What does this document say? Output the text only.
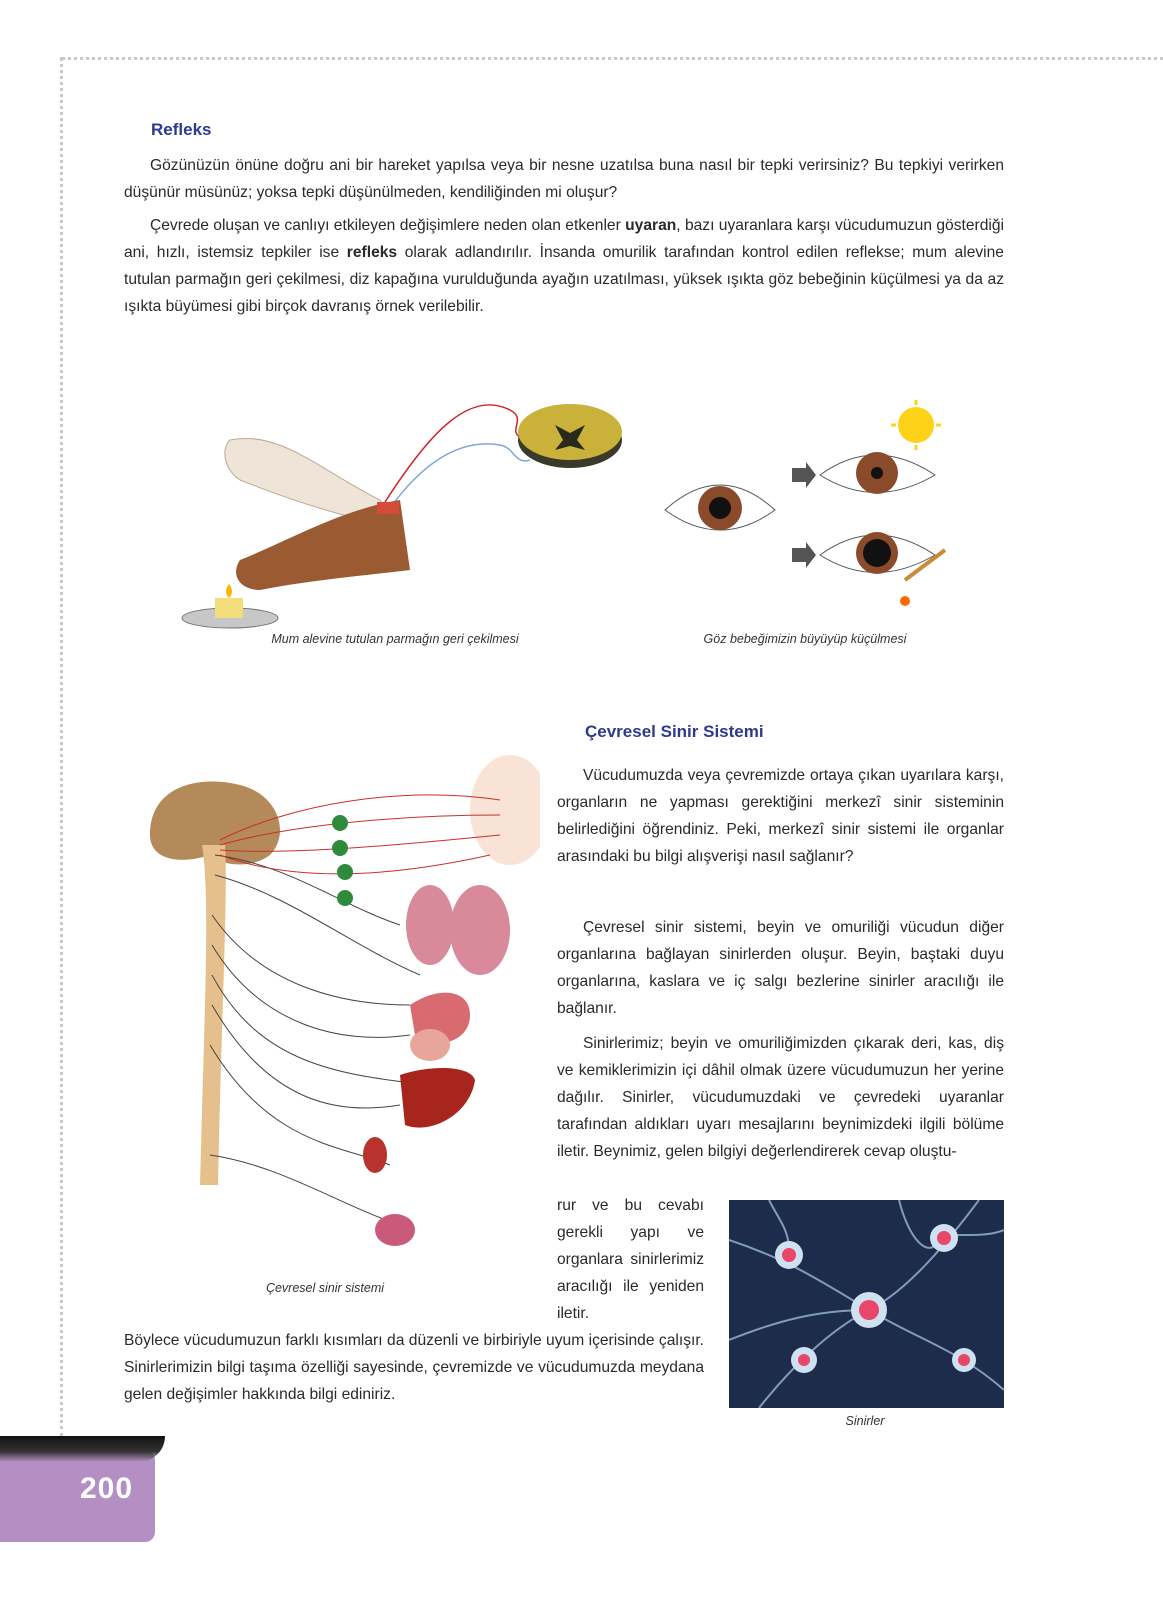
Refleks

Gözünüzün önüne doğru ani bir hareket yapılsa veya bir nesne uzatılsa buna nasıl bir tepki verirsiniz? Bu tepkiyi verirken düşünür müsünüz; yoksa tepki düşünülmeden, kendiliğinden mi oluşur?

Çevrede oluşan ve canlıyı etkileyen değişimlere neden olan etkenler uyaran, bazı uyaranlara karşı vücudumuzun gösterdiği ani, hızlı, istemsiz tepkiler ise refleks olarak adlandırılır. İnsanda omurilik tarafından kontrol edilen reflekse; mum alevine tutulan parmağın geri çekilmesi, diz kapağına vurulduğunda ayağın uzatılması, yüksek ışıkta göz bebeğinin küçülmesi ya da az ışıkta büyümesi gibi birçok davranış örnek verilebilir.

Mum alevine tutulan parmağın geri çekilmesi	Göz bebeğimizin büyüyüp küçülmesi
Çevresel Sinir Sistemi

Vücudumuzda veya çevremizde ortaya çıkan uyarılara karşı, organların ne yapması gerektiğini merkezî sinir sisteminin belirlediğini öğrendiniz. Peki, merkezî sinir sistemi ile organlar arasındaki bu bilgi alışverişi nasıl sağlanır?

Çevresel sinir sistemi, beyin ve omuriliği vücudun diğer organlarına bağlayan sinirlerden oluşur. Beyin, baştaki duyu organlarına, kaslara ve iç salgı bezlerine sinirler aracılığı ile bağlanır.

Sinirlerimiz; beyin ve omuriliğimizden çıkarak deri, kas, diş ve kemiklerimizin içi dâhil olmak üzere vücudumuzun her yerine dağılır. Sinirler, vücudumuzdaki ve çevredeki uyaranlar tarafından aldıkları uyarı mesajlarını beynimizdeki ilgili bölüme iletir. Beynimiz, gelen bilgiyi değerlendirerek cevap oluştu-

rur ve bu cevabı gerekli yapı ve organlara sinirlerimiz aracılığı ile yeniden iletir.

Böylece vücudumuzun farklı kısımları da düzenli ve birbiriyle uyum içerisinde çalışır. Sinirlerimizin bilgi taşıma özelliği sayesinde, çevremizde ve vücudumuzda meydana gelen değişimler hakkında bilgi ediniriz.

Çevresel sinir sistemi
Sinirler
200
